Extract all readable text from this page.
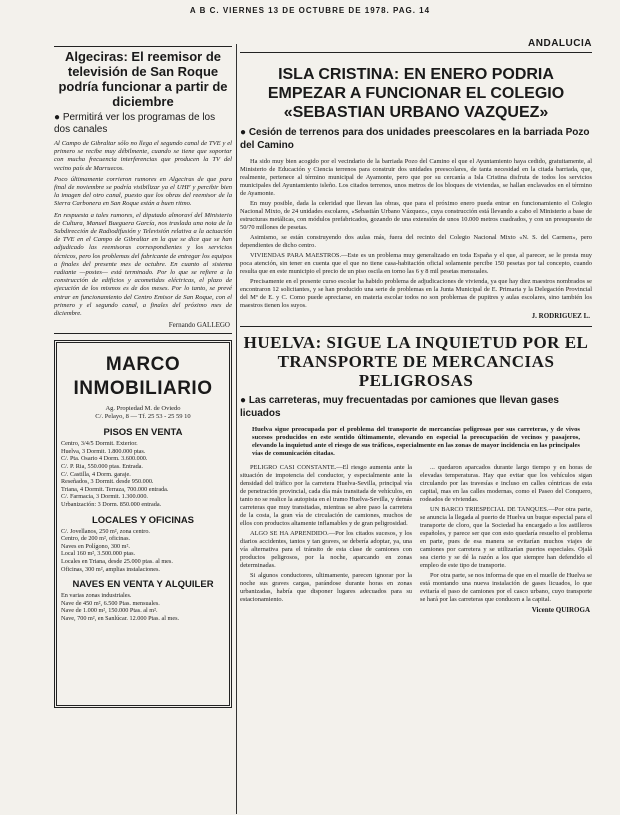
A B C. VIERNES 13 DE OCTUBRE DE 1978. PAG. 14
Algeciras: El reemisor de televisión de San Roque podría funcionar a partir de diciembre
● Permitirá ver los programas de los dos canales

Al Campo de Gibraltar sólo no llega el segundo canal de TVE y el primero se recibe muy débilmente, cuando se tiene que soportar con mucha frecuencia interferencias que producen la TV del vecino país de Marruecos.

Poco últimamente corrieron rumores en Algeciras de que para final de noviembre se podría visibilizar ya el UHF y percibir bien la imagen del otro canal, puesto que los obras del reemisor de la Sierra Carbonera en San Roque están a buen ritmo.

En respuesta a tales rumores, el diputado almoraví del Ministerio de Cultura, Manuel Bueguera García, nos traslada una nota de la Subdirección de Radiodifusión y Televisión relativa a la actuación de TVE en el Campo de Gibraltar en la que se dice que se han adjudicado las reemisoras correspondientes y los servicios técnicos, pero los problemas del fabricante de entregar los equipos a finales del presente mes de octubre. En cuanto al sistema radiante —postes— está terminado. Por lo que se refiere a la construcción de edificios y acometidas eléctricas, el plazo de ejecución de los mismos es de dos meses. Por lo tanto, se prevé entrar en funcionamiento del Centro Emisor de San Roque, con el primero y el segundo canal, a finales del próximo mes de diciembre.

Fernando GALLEGO
MARCO
INMOBILIARIO

Ag. Propiedad M. de Oviedo

C/. Pelayo, 8 — Tf. 25 53 - 25 59 10

PISOS EN VENTA

Centro, 3/4/5 Dormit. Exterior.

Huelva, 3 Dormit. 1.800.000 ptas.

C/. Pta. Osario 4 Dorm. 3.600.000.

C/. P. Ria, 550.000 ptas. Entrada.

C/. Castilla, 4 Dorm. garaje.

Reseñados, 3 Dormit. desde 950.000.

Triana, 4 Dormit. Terraza, 700.000 entrada.

C/. Farmacia, 3 Dormit. 1.300.000.

Urbanización: 3 Dorm. 850.000 entrada.

LOCALES Y OFICINAS

C/. Jovellanos, 250 m², zona centro.

Centro, de 200 m², oficinas.

Naves en Polígono, 300 m².

Local 160 m², 3.500.000 ptas.

Locales en Triana, desde 25.000 ptas. al mes.

Oficinas, 300 m², amplias instalaciones.

NAVES EN VENTA Y ALQUILER

En varias zonas industriales.

Nave de 450 m², 6.500 Ptas. mensuales.

Nave de 1.000 m², 150.000 Ptas. al m².

Nave, 700 m², en Sanlúcar. 12.000 Ptas. al mes.

ANDALUCIA
ISLA CRISTINA: EN ENERO PODRIA EMPEZAR A FUNCIONAR EL COLEGIO «SEBASTIAN URBANO VAZQUEZ»
● Cesión de terrenos para dos unidades preescolares en la barriada Pozo del Camino

Ha sido muy bien acogido por el vecindario de la barriada Pozo del Camino el que el Ayuntamiento haya cedido, gratuitamente, al Ministerio de Educación y Ciencia terrenos para construir dos unidades preescolares, de tanta necesidad en la citada barriada, que, realmente, pertenece al término municipal de Ayamonte, pero que por su cercanía a Isla Cristina disfruta de todos los servicios municipales del Ayuntamiento isleño. Los citados terrenos, unos metros de los bloques de viviendas, se hallan enclavados en el término de Ayamonte.

En muy posible, dada la celeridad que llevan las obras, que para el próximo enero pueda entrar en funcionamiento el Colegio Nacional Mixto, de 24 unidades escolares, «Sebastián Urbano Vázquez», cuya construcción está llevando a cabo el Ministerio a base de estructuras metálicas, con módulos prefabricados, gozando de una extensión de unos 10.000 metros cuadrados, y con un presupuesto de 50/70 millones de pesetas.

Asimismo, se están construyendo dos aulas más, fuera del recinto del Colegio Nacional Mixto «N. S. del Carmen», pero dependientes de dicho centro.

VIVIENDAS PARA MAESTROS.—Este es un problema muy generalizado en toda España y el que, al parecer, se le presta muy poca atención, sin tener en cuenta que el que no tiene casa-habitación oficial solamente percibe 150 pesetas por tal concepto, cuando resulta que en este municipio el precio de un piso oscila en torno las 6 y 8 mil pesetas mensuales.

Precisamente en el presente curso escolar ha habido problema de adjudicaciones de vivienda, ya que hay diez maestros nombrados se encontraron 12 solicitantes, y se han producido una serie de problemas en la Junta Municipal de E. Primaria y la Delegación Provincial del Mº de E. y C. Como puede apreciarse, en materia escolar todos no son problemas de pupitres y aulas escolares, sino también los maestros tienen los suyos.

J. RODRIGUEZ L.
HUELVA: SIGUE LA INQUIETUD POR EL TRANSPORTE DE MERCANCIAS PELIGROSAS
● Las carreteras, muy frecuentadas por camiones que llevan gases licuados

Huelva sigue preocupada por el problema del transporte de mercancías peligrosas por sus carreteras, y de vivos sucesos producidos en este sentido últimamente, elevando en especial la preocupación de vecinos y pasajeros, elevando la inquietud ante el riesgo de sus tráficos, especialmente en las zonas de mayor incidencia en las principales vías de comunicación citadas.

PELIGRO CASI CONSTANTE.—El riesgo aumenta ante la situación de impotencia del conductor, y especialmente ante la densidad del tráfico por la carretera Huelva-Sevilla, principal vía de penetración provincial, cada día más transitada de vehículos, en tanto no se realice la autopista en el tramo Huelva-Sevilla, y demás carreteras que muy transitadas, mientras se abre paso la carretera de la costa, la gran vía de circulación de camiones, muchos de ellos con productos altamente inflamables y de gran peligrosidad.

ALGO SE HA APRENDIDO.—Por los citados sucesos, y los diarios accidentes, tantos y tan graves, se debería adoptar, ya, una vía alternativa para el tránsito de esta clase de camiones con productos peligrosos, por la noche, aparcando en zonas determinadas.

Si algunos conductores, ultimamente, parecen ignorar por la noche sus graves cargas, parándose durante horas en zonas urbanizadas, habría que disponer lugares adecuados para su estacionamiento.

... quedaron aparcados durante largo tiempo y en horas de elevadas temperaturas. Hay que evitar que los vehículos sigan circulando por las travesías e incluso en calles céntricas de esta capital, mas en las calles modernas, como el Paseo del Conquero, rodeados de viviendas.

UN BARCO TRIESPECIAL DE TANQUES.—Por otra parte, se anuncia la llegada al puerto de Huelva un buque especial para el transporte de cloro, que la Sociedad ha encargado a los astilleros españoles, y parece ser que con esto quedaría resuelto el problema en parte, pues de esa manera se evitarían muchos viajes de camiones por carretera y se utilizarían puertos especiales. Ojalá sea cierto y se dé la razón a los que siempre han defendido el empleo de este tipo de transporte.

Por otra parte, se nos informa de que en el muelle de Huelva se está montando una nueva instalación de gases licuados, lo que evitaría el paso de camiones por el casco urbano, cuyo transporte se hará por las carreteras que conducen a la capital.

Vicente QUIROGA
